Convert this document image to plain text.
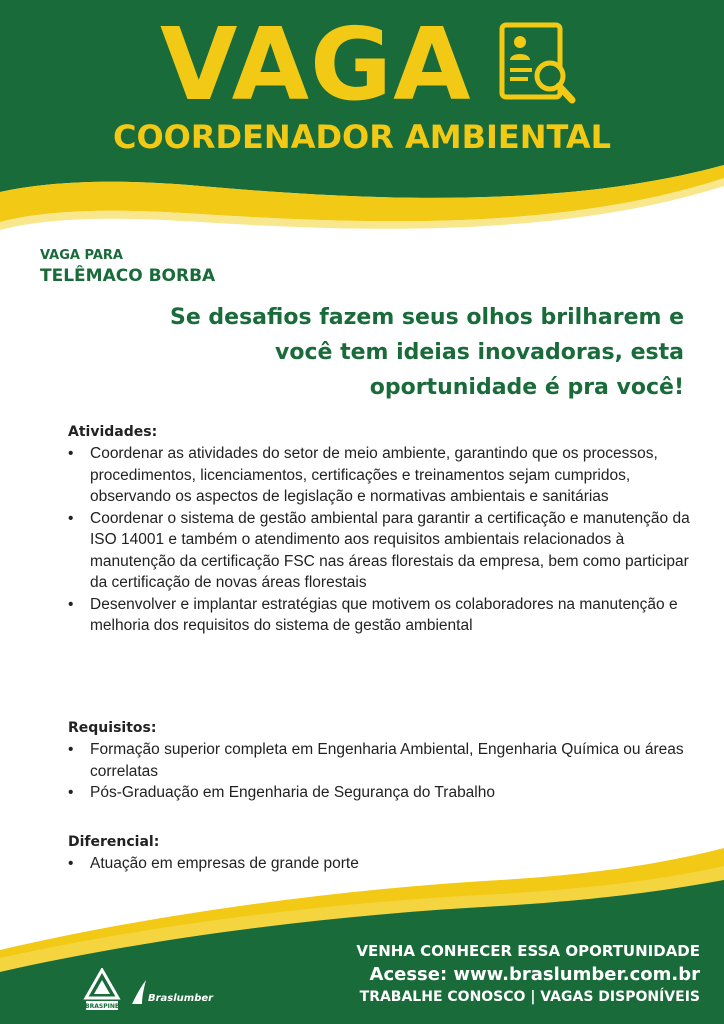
VAGA
COORDENADOR AMBIENTAL
VAGA PARA
TELÊMACO BORBA
Se desafios fazem seus olhos brilharem e você tem ideias inovadoras, esta oportunidade é pra você!
Atividades:
• Coordenar as atividades do setor de meio ambiente, garantindo que os processos, procedimentos, licenciamentos, certificações e treinamentos sejam cumpridos, observando os aspectos de legislação e normativas ambientais e sanitárias
• Coordenar o sistema de gestão ambiental para garantir a certificação e manutenção da ISO 14001 e também o atendimento aos requisitos ambientais relacionados à manutenção da certificação FSC nas áreas florestais da empresa, bem como participar da certificação de novas áreas florestais
• Desenvolver e implantar estratégias que motivem os colaboradores na manutenção e melhoria dos requisitos do sistema de gestão ambiental
Requisitos:
• Formação superior completa em Engenharia Ambiental, Engenharia Química ou áreas correlatas
• Pós-Graduação em Engenharia de Segurança do Trabalho
Diferencial:
• Atuação em empresas de grande porte
BRASPINE
Braslumber
VENHA CONHECER ESSA OPORTUNIDADE
Acesse: www.braslumber.com.br
TRABALHE CONOSCO | VAGAS DISPONÍVEIS
